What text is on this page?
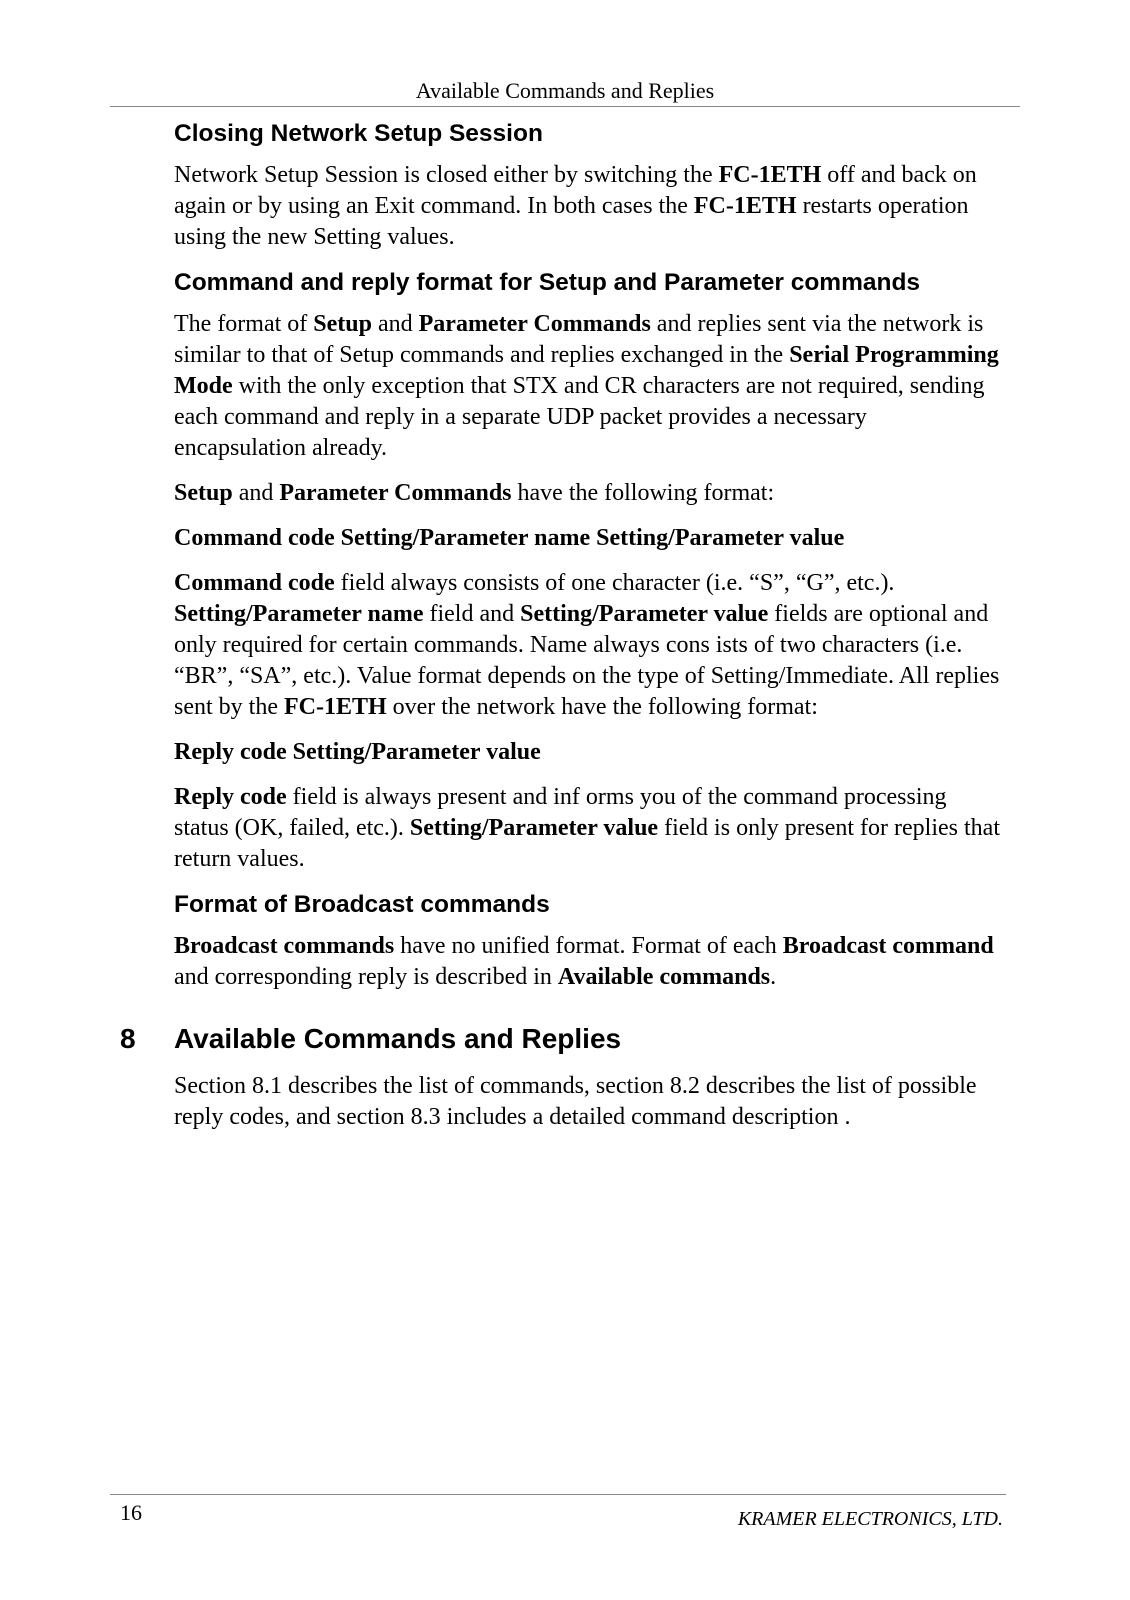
Available Commands and Replies
Closing Network Setup Session

Network Setup Session is closed either by switching the FC-1ETH off and back on again or by using an Exit command. In both cases the FC-1ETH restarts operation using the new Setting values.

Command and reply format for Setup and Parameter commands

The format of Setup and Parameter Commands and replies sent via the network is similar to that of Setup commands and replies exchanged in the Serial Programming Mode with the only exception that STX and CR characters are not required, sending each command and reply in a separate UDP packet provides a necessary encapsulation already.

Setup and Parameter Commands have the following format:

Command code Setting/Parameter name Setting/Parameter value

Command code field always consists of one character (i.e. “S”, “G”, etc.). Setting/Parameter name field and Setting/Parameter value fields are optional and only required for certain commands. Name always cons ists of two characters (i.e. “BR”, “SA”, etc.). Value format depends on the type of Setting/Immediate. All replies sent by the FC-1ETH over the network have the following format:

Reply code Setting/Parameter value

Reply code field is always present and inf orms you of the command processing status (OK, failed, etc.). Setting/Parameter value field is only present for replies that return values.

Format of Broadcast commands

Broadcast commands have no unified format. Format of each Broadcast command and corresponding reply is described in Available commands.

8	Available Commands and Replies

Section 8.1 describes the list of commands, section 8.2 describes the list of possible reply codes, and section 8.3 includes a detailed command description .

16	KRAMER ELECTRONICS, LTD.
